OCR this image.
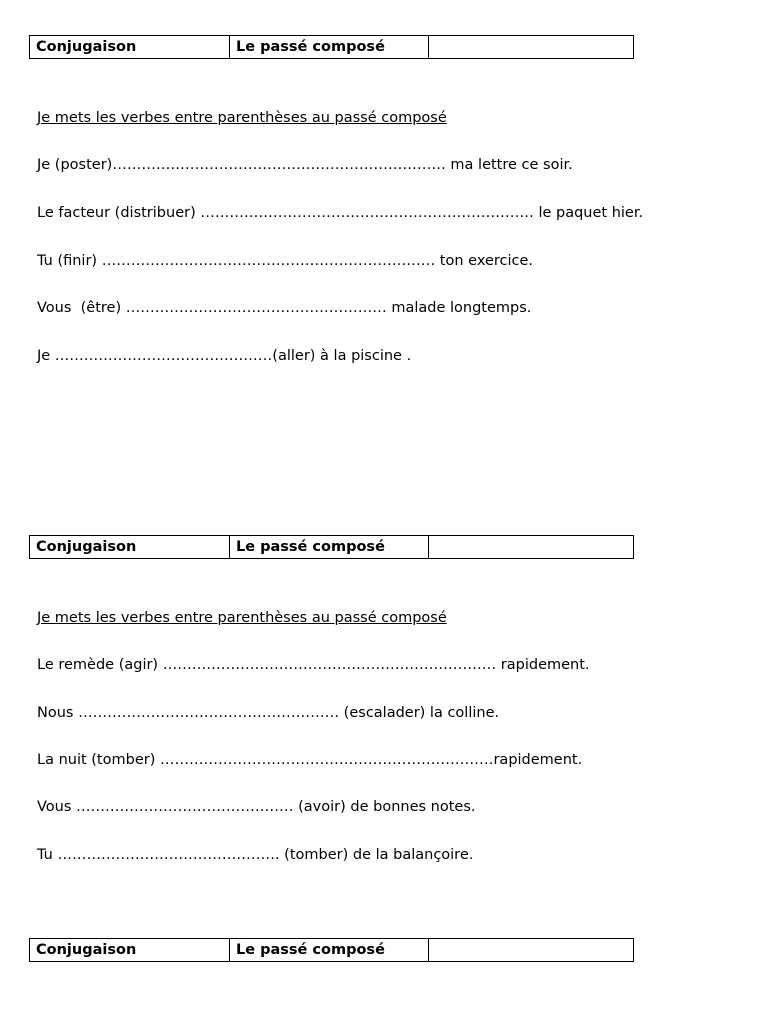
Conjugaison	Le passé composé	
Je mets les verbes entre parenthèses au passé composé
Je (poster)…………………………………………………………… ma lettre ce soir.
Le facteur (distribuer) …………………………………………………………… le paquet hier.
Tu (finir) …………………………………………………………… ton exercice.
Vous  (être) ……………………………………………… malade longtemps.
Je ………………………………………(aller) à la piscine .
Conjugaison	Le passé composé	
Je mets les verbes entre parenthèses au passé composé
Le remède (agir) …………………………………………………………… rapidement.
Nous ……………………………………………… (escalader) la colline.
La nuit (tomber) ……………………………………………………………rapidement.
Vous ……………………………………… (avoir) de bonnes notes.
Tu ………………………………………. (tomber) de la balançoire.
Conjugaison	Le passé composé	
